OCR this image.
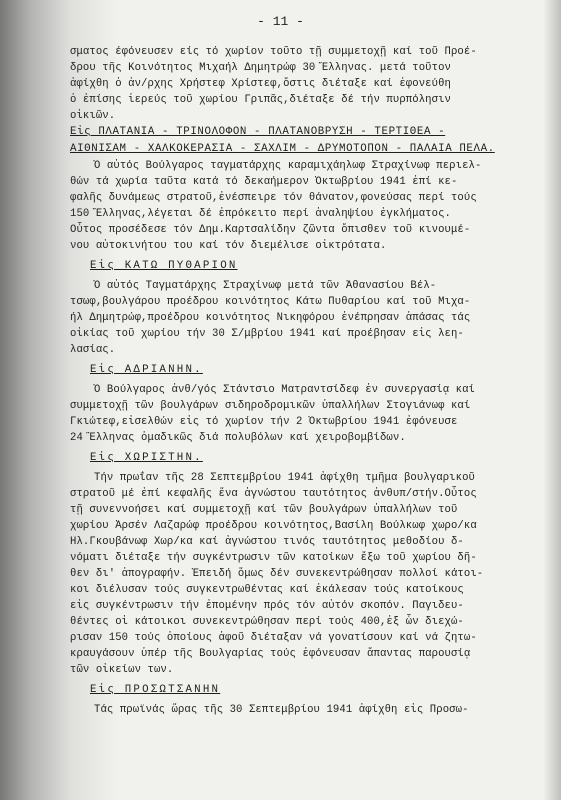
- 11 -
σματος έφόνευσεν είς τό χωρίον τοῦτο τῇ συμμετοχῇ καί τοῦ Προέ-
δρου τῆς Κοινότητος Μιχαήλ Δημητρώφ 30 Ἕλληνας. μετά τοῦτον
ἀφίχθη ὁ ἀν/ρχης Χρήστεφ Χρίστεφ,ὅστις διέταξε καί ἐφονεύθη
ὁ ἐπίσης ἱερεύς τοῦ χωρίου Γριπᾶς,διέταξε δέ τήν πυρπόλησιν
οἰκιῶν.
Εἰς ΠΛΑΤΑΝΙΑ - ΤΡΙΝΟΛΟΦΟΝ - ΠΛΑΤΑΝΟΒΡΥΣΗ - ΤΕΡΤΙΘΕΑ -
ΑΙΘΝΙΣΑΜ - ΧΑΛΚΟΚΕΡΑΣΙΑ - ΣΑΧΛΙΜ - ΔΡΥΜΟΤΟΠΟΝ - ΠΑΛΑΙΑ ΠΕΛΑ.
Ὁ αὐτός Βούλγαρος ταγματάρχης καραμιχάηλωφ Στραχίνωφ περιελ-
θών τά χωρία ταῦτα κατά τό δεκαήμερον Ὀκτωβρίου 1941 ἐπί κε-
φαλῆς δυνάμεως στρατοῦ,ἐνέσπειρε τόν θάνατον,φονεύσας περί τούς
150 Ἕλληνας,λέγεται δέ ἐπρόκειτο περί ἀναληψίου ἐγκλήματος.
Οὗτος προσέδεσε τόν Δημ.Καρτσαλίδην ζῶντα ὄπισθεν τοῦ κινουμέ-
νου αὐτοκινήτου του καί τόν διεμέλισε οἰκτρότατα.
Εἰς ΚΑΤΩ ΠΥΘΑΡΙΟΝ
Ὁ αὐτός Ταγματάρχης Στραχίνωφ μετά τῶν Ἀθανασίου Βέλ-
τσωφ,βουλγάρου προέδρου κοινότητος Κάτω Πυθαρίου καί τοῦ Μιχα-
ήλ Δημητρώφ,προέδρου κοινότητος Νικηφόρου ἐνέπρησαν ἁπάσας τάς
οἰκίας τοῦ χωρίου τήν 30 Σ/μβρίου 1941 καί προέβησαν εἰς λεη-
λασίας.
Εἰς ΑΔΡΙΑΝΗΝ.
Ὁ Βούλγαρος ἀνθ/γός Στάντσιο Ματραντσίδεφ ἐν συνεργασίᾳ καί
συμμετοχῇ τῶν βουλγάρων σιδηροδρομικῶν ὑπαλλήλων Στογιάνωφ καί
Γκιώτεφ,εἰσελθών εἰς τό χωρίον τήν 2 Ὀκτωβρίου 1941 ἐφόνευσε
24 Ἕλληνας ὁμαδικῶς διά πολυβόλων καί χειροβομβίδων.
Εἰς ΧΩΡΙΣΤΗΝ.
Τήν πρωΐαν τῆς 28 Σεπτεμβρίου 1941 ἀφίχθη τμῆμα βουλγαρικοῦ
στρατοῦ μέ ἐπί κεφαλῆς ἕνα ἀγνώστου ταυτότητος ἀνθυπ/στήν.Οὗτος
τῇ συνεννοήσει καί συμμετοχῇ καί τῶν βουλγάρων ὑπαλλήλων τοῦ
χωρίου Ἀρσέν Λαζαρώφ προέδρου κοινότητος,Βασίλη Βούλκωφ χωρο/κα
Ἠλ.Γκουβάνωφ Χωρ/κα καί ἀγνώστου τινός ταυτότητος μεθοδίου δ-
νόματι διέταξε τήν συγκέντρωσιν τῶν κατοίκων ἔξω τοῦ χωρίου δῆ-
θεν δι' ἀπογραφήν. Ἐπειδή ὅμως δέν συνεκεντρώθησαν πολλοί κάτοι-
κοι διέλυσαν τούς συγκεντρωθέντας καί ἐκάλεσαν τούς κατοίκους
εἰς συγκέντρωσιν τήν ἐπομένην πρός τόν αὐτόν σκοπόν. Παγιδευ-
θέντες οἱ κάτοικοι συνεκεντρώθησαν περί τούς 400,ἐξ ὧν διεχώ-
ρισαν 150 τούς ὁποίους ἀφοῦ διέταξαν νά γονατίσουν καί νά ζητω-
κραυγάσουν ὑπέρ τῆς Βουλγαρίας τούς ἐφόνευσαν ἅπαντας παρουσίᾳ
τῶν οἰκείων των.
Εἰς ΠΡΟΣΩΤΣΑΝΗΝ
Τάς πρωϊνάς ὥρας τῆς 30 Σεπτεμβρίου 1941 ἀφίχθη εἰς Προσω-
